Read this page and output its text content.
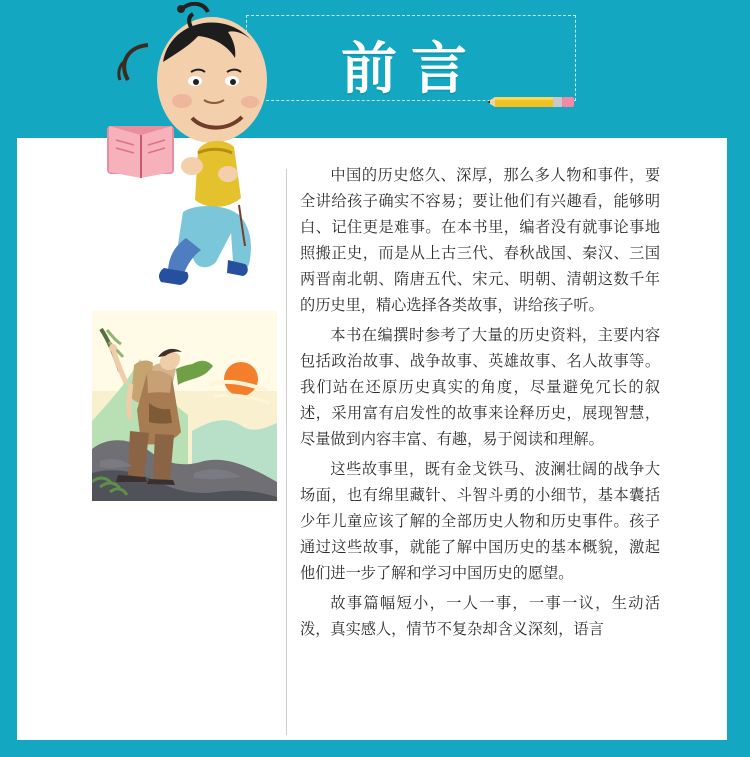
前言

中国的历史悠久、深厚，那么多人物和事件，要全讲给孩子确实不容易；要让他们有兴趣看，能够明白、记住更是难事。在本书里，编者没有就事论事地照搬正史，而是从上古三代、春秋战国、秦汉、三国两晋南北朝、隋唐五代、宋元、明朝、清朝这数千年的历史里，精心选择各类故事，讲给孩子听。

本书在编撰时参考了大量的历史资料，主要内容包括政治故事、战争故事、英雄故事、名人故事等。我们站在还原历史真实的角度，尽量避免冗长的叙述，采用富有启发性的故事来诠释历史，展现智慧，尽量做到内容丰富、有趣，易于阅读和理解。

这些故事里，既有金戈铁马、波澜壮阔的战争大场面，也有绵里藏针、斗智斗勇的小细节，基本囊括少年儿童应该了解的全部历史人物和历史事件。孩子通过这些故事，就能了解中国历史的基本概貌，激起他们进一步了解和学习中国历史的愿望。

故事篇幅短小，一人一事，一事一议，生动活泼，真实感人，情节不复杂却含义深刻，语言
